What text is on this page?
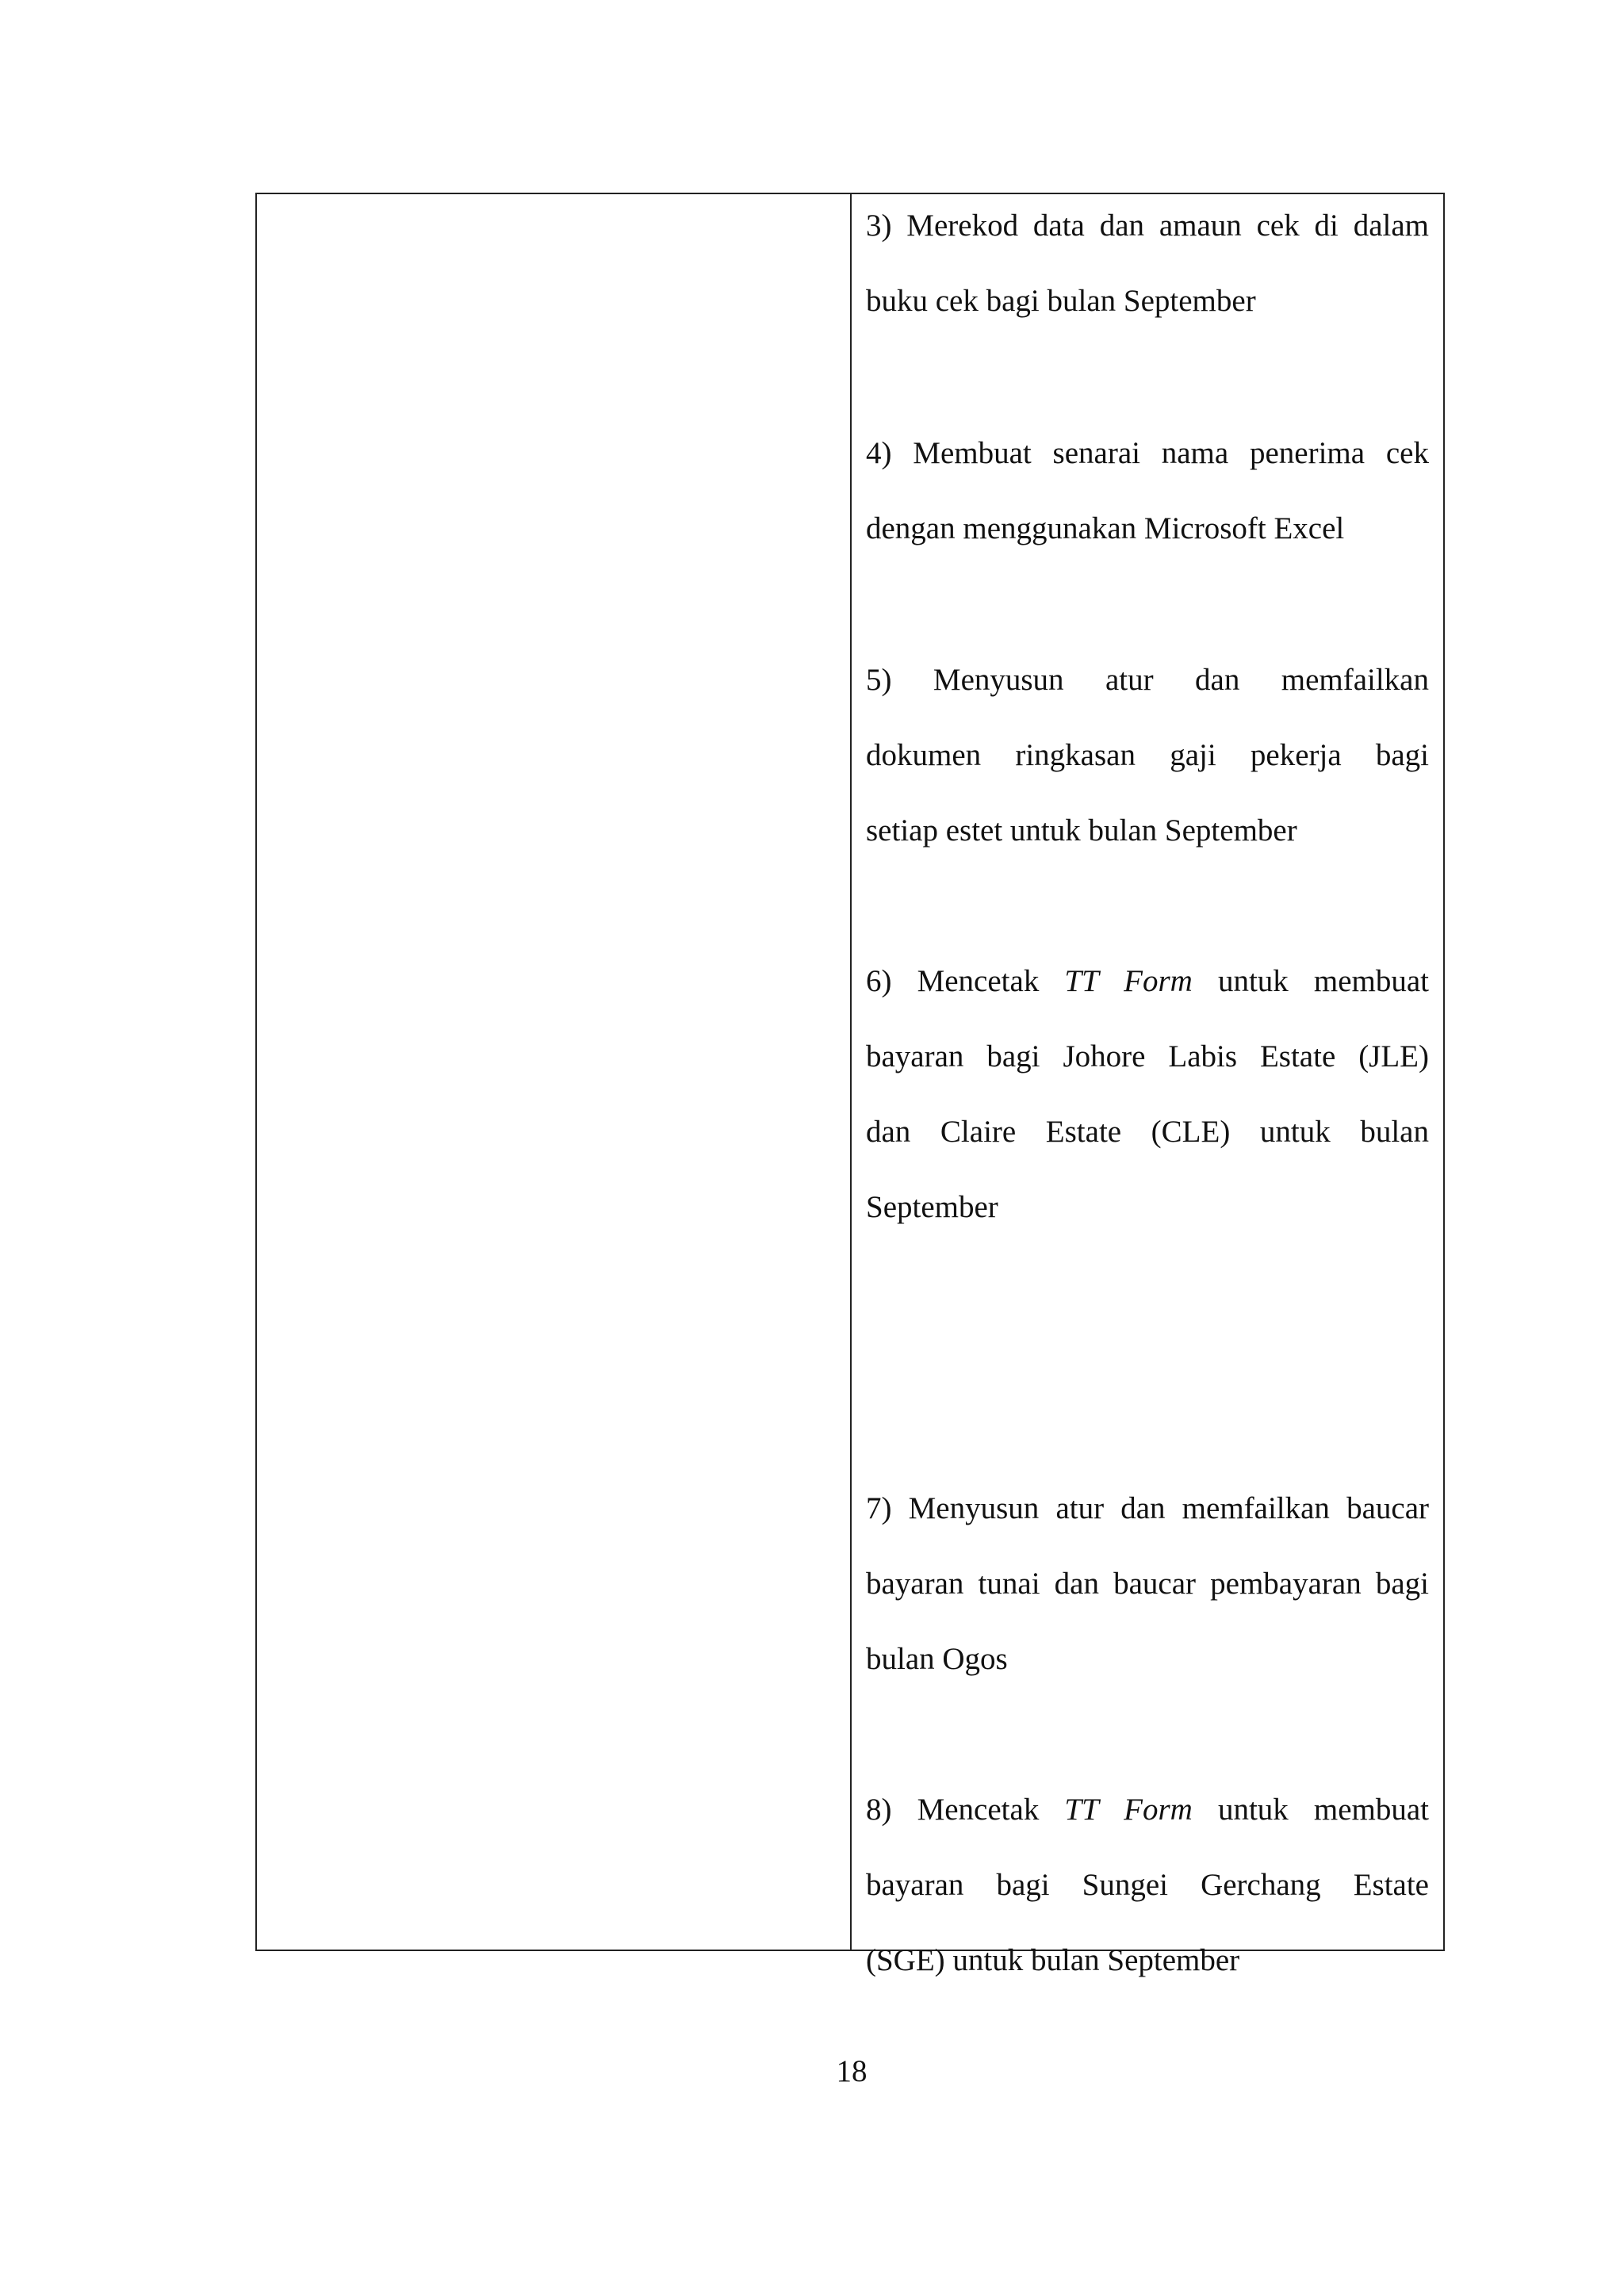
3) Merekod data dan amaun cek di dalam
buku cek bagi bulan September

4) Membuat senarai nama penerima cek
dengan menggunakan Microsoft Excel

5) Menyusun atur dan memfailkan
dokumen ringkasan gaji pekerja bagi
setiap estet untuk bulan September

6) Mencetak TT Form untuk membuat
bayaran bagi Johore Labis Estate (JLE)
dan Claire Estate (CLE) untuk bulan
September

7) Menyusun atur dan memfailkan baucar
bayaran tunai dan baucar pembayaran bagi
bulan Ogos

8) Mencetak TT Form untuk membuat
bayaran bagi Sungei Gerchang Estate
(SGE) untuk bulan September

18
